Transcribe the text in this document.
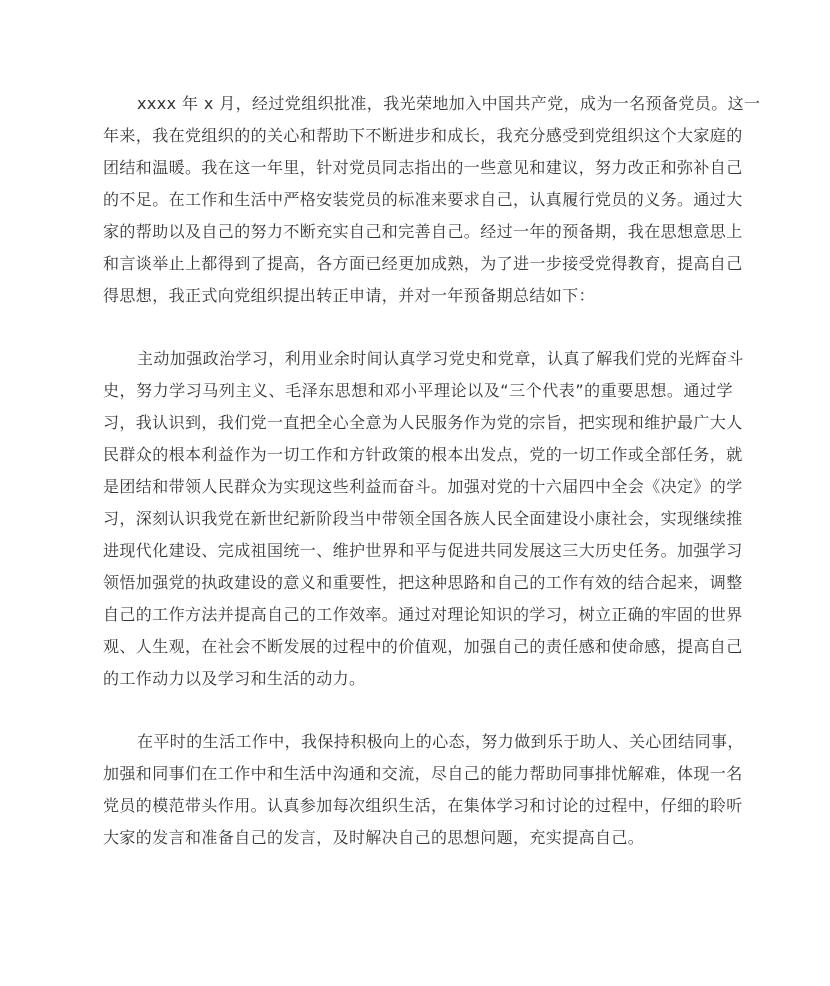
xxxx 年 x 月，经过党组织批准，我光荣地加入中国共产党，成为一名预备党员。这一
年来，我在党组织的的关心和帮助下不断进步和成长，我充分感受到党组织这个大家庭的
团结和温暖。我在这一年里，针对党员同志指出的一些意见和建议，努力改正和弥补自己
的不足。在工作和生活中严格安装党员的标准来要求自己，认真履行党员的义务。通过大
家的帮助以及自己的努力不断充实自己和完善自己。经过一年的预备期，我在思想意思上
和言谈举止上都得到了提高，各方面已经更加成熟，为了进一步接受党得教育，提高自己
得思想，我正式向党组织提出转正申请，并对一年预备期总结如下：
主动加强政治学习，利用业余时间认真学习党史和党章，认真了解我们党的光辉奋斗
史，努力学习马列主义、毛泽东思想和邓小平理论以及“三个代表”的重要思想。通过学
习，我认识到，我们党一直把全心全意为人民服务作为党的宗旨，把实现和维护最广大人
民群众的根本利益作为一切工作和方针政策的根本出发点，党的一切工作或全部任务，就
是团结和带领人民群众为实现这些利益而奋斗。加强对党的十六届四中全会《决定》的学
习，深刻认识我党在新世纪新阶段当中带领全国各族人民全面建设小康社会，实现继续推
进现代化建设、完成祖国统一、维护世界和平与促进共同发展这三大历史任务。加强学习
领悟加强党的执政建设的意义和重要性，把这种思路和自己的工作有效的结合起来，调整
自己的工作方法并提高自己的工作效率。通过对理论知识的学习，树立正确的牢固的世界
观、人生观，在社会不断发展的过程中的价值观，加强自己的责任感和使命感，提高自己
的工作动力以及学习和生活的动力。
在平时的生活工作中，我保持积极向上的心态，努力做到乐于助人、关心团结同事，
加强和同事们在工作中和生活中沟通和交流，尽自己的能力帮助同事排忧解难，体现一名
党员的模范带头作用。认真参加每次组织生活，在集体学习和讨论的过程中，仔细的聆听
大家的发言和准备自己的发言，及时解决自己的思想问题，充实提高自己。
